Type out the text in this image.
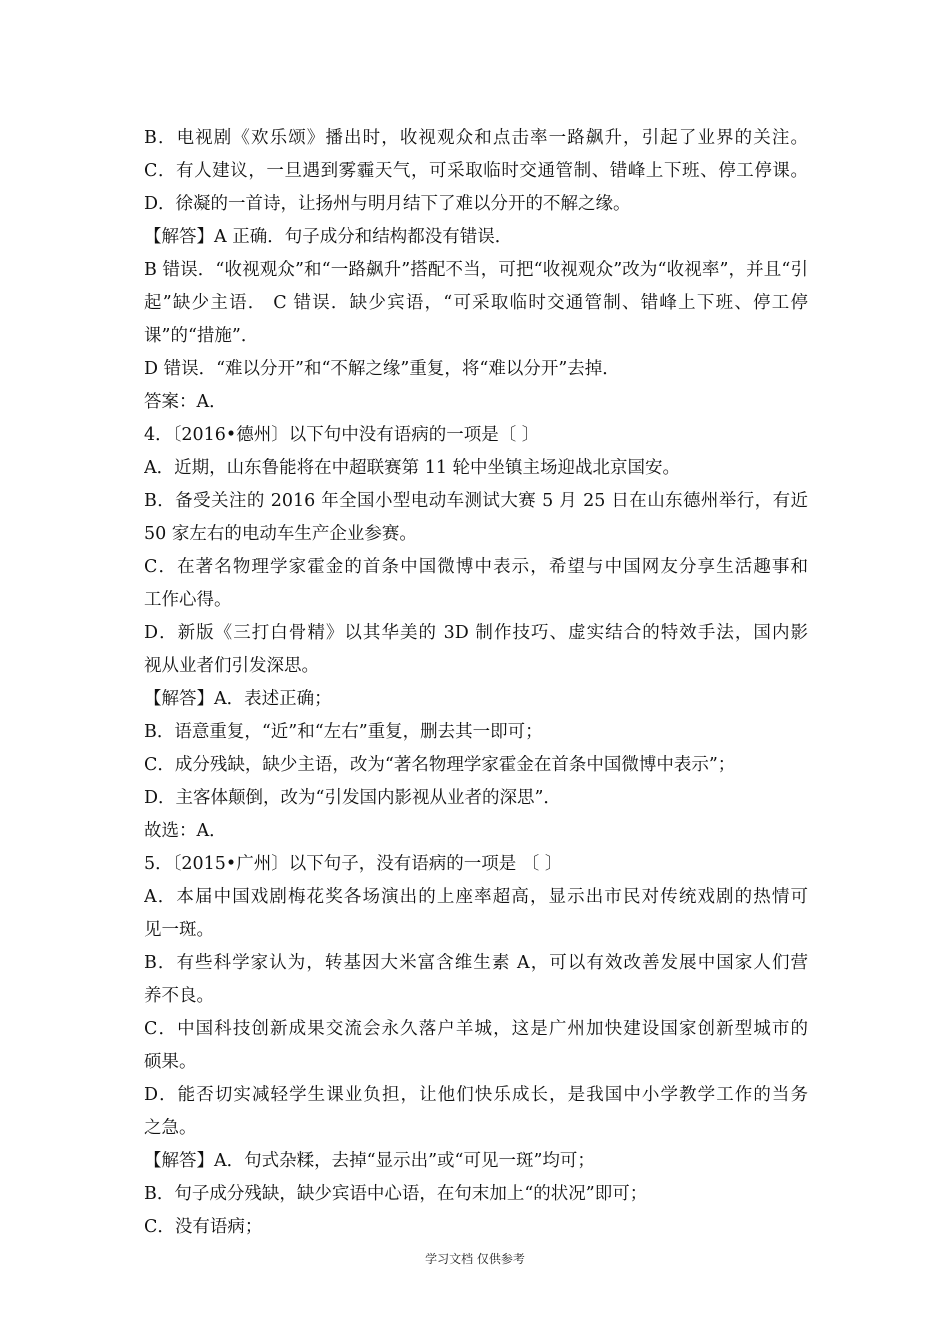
B．电视剧《欢乐颂》播出时，收视观众和点击率一路飙升，引起了业界的关注。
C．有人建议，一旦遇到雾霾天气，可采取临时交通管制、错峰上下班、停工停课。
D．徐凝的一首诗，让扬州与明月结下了难以分开的不解之缘。
【解答】A 正确．句子成分和结构都没有错误．
B 错误．“收视观众”和“一路飙升”搭配不当，可把“收视观众”改为“收视率”，并且“引
起”缺少主语． C 错误．缺少宾语，“可采取临时交通管制、错峰上下班、停工停
课”的“措施”．
D 错误．“难以分开”和“不解之缘”重复，将“难以分开”去掉．
答案：A．
4．〔2016•德州〕以下句中没有语病的一项是〔 〕
A．近期，山东鲁能将在中超联赛第 11 轮中坐镇主场迎战北京国安。
B．备受关注的 2016 年全国小型电动车测试大赛 5 月 25 日在山东德州举行，有近
50 家左右的电动车生产企业参赛。
C．在著名物理学家霍金的首条中国微博中表示，希望与中国网友分享生活趣事和
工作心得。
D．新版《三打白骨精》以其华美的 3D 制作技巧、虚实结合的特效手法，国内影
视从业者们引发深思。
【解答】A．表述正确；
B．语意重复，“近”和“左右”重复，删去其一即可；
C．成分残缺，缺少主语，改为“著名物理学家霍金在首条中国微博中表示”；
D．主客体颠倒，改为“引发国内影视从业者的深思”．
故选：A．
5．〔2015•广州〕以下句子，没有语病的一项是 〔 〕
A．本届中国戏剧梅花奖各场演出的上座率超高，显示出市民对传统戏剧的热情可
见一斑。
B．有些科学家认为，转基因大米富含维生素 A，可以有效改善发展中国家人们营
养不良。
C．中国科技创新成果交流会永久落户羊城，这是广州加快建设国家创新型城市的
硕果。
D．能否切实减轻学生课业负担，让他们快乐成长，是我国中小学教学工作的当务
之急。
【解答】A．句式杂糅，去掉“显示出”或“可见一斑”均可；
B．句子成分残缺，缺少宾语中心语，在句末加上“的状况”即可；
C．没有语病；
学习文档 仅供参考
